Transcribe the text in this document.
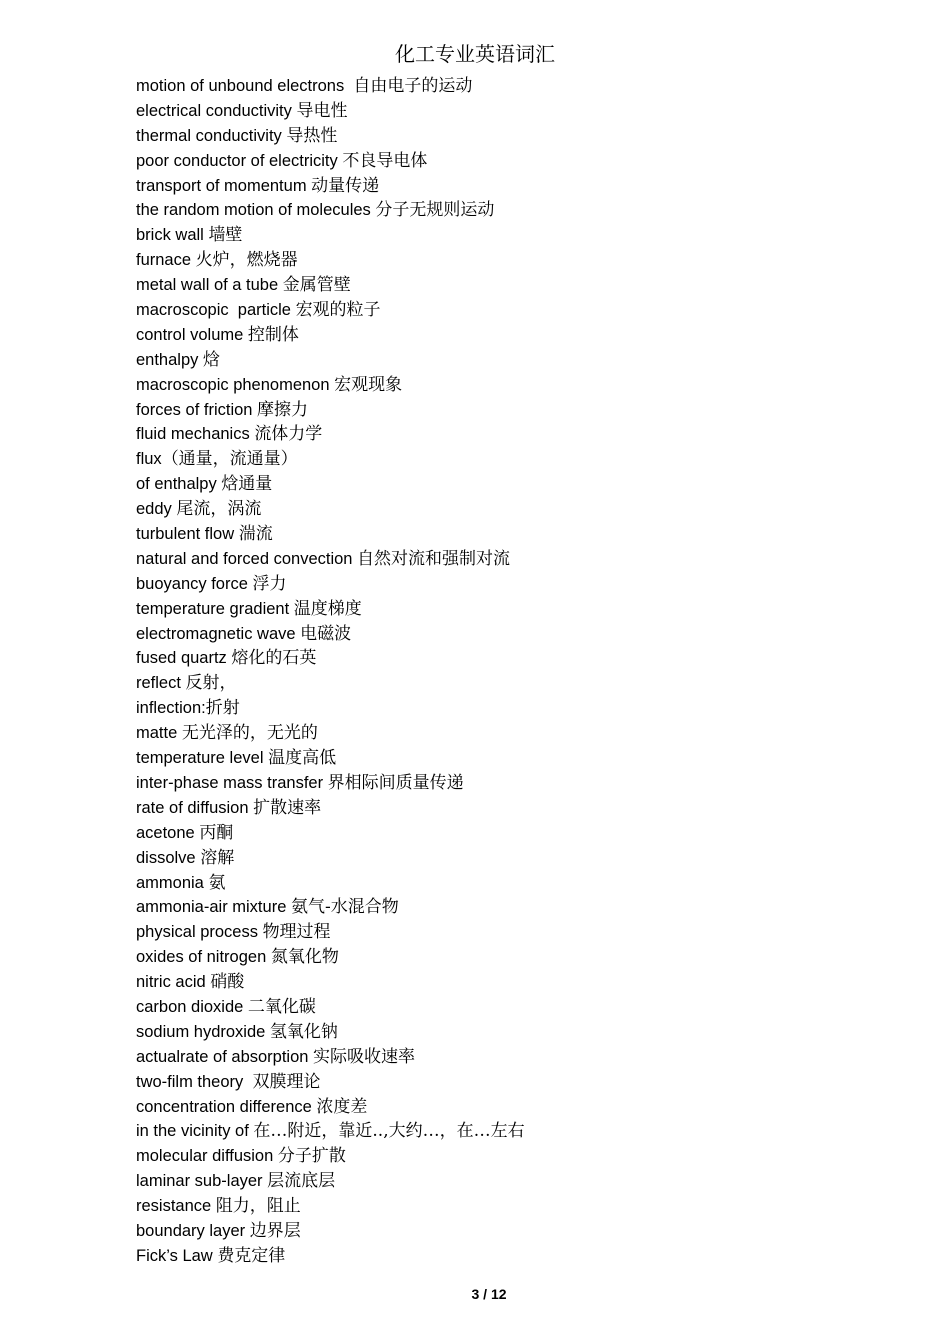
化工专业英语词汇
motion of unbound electrons  自由电子的运动
electrical conductivity 导电性
thermal conductivity 导热性
poor conductor of electricity 不良导电体
transport of momentum 动量传递
the random motion of molecules 分子无规则运动
brick wall 墙壁
furnace 火炉，燃烧器
metal wall of a tube 金属管壁
macroscopic  particle 宏观的粒子
control volume 控制体
enthalpy 焓
macroscopic phenomenon 宏观现象
forces of friction 摩擦力
fluid mechanics 流体力学
flux（通量，流通量）
of enthalpy 焓通量
eddy 尾流，涡流
turbulent flow 湍流
natural and forced convection 自然对流和强制对流
buoyancy force 浮力
temperature gradient 温度梯度
electromagnetic wave 电磁波
fused quartz 熔化的石英
reflect 反射，
inflection:折射
matte 无光泽的，无光的
temperature level 温度高低
inter-phase mass transfer 界相际间质量传递
rate of diffusion 扩散速率
acetone 丙酮
dissolve 溶解
ammonia 氨
ammonia-air mixture 氨气-水混合物
physical process 物理过程
oxides of nitrogen 氮氧化物
nitric acid 硝酸
carbon dioxide 二氧化碳
sodium hydroxide 氢氧化钠
actualrate of absorption 实际吸收速率
two-film theory  双膜理论
concentration difference 浓度差
in the vicinity of 在…附近，靠近..,大约…，在…左右
molecular diffusion 分子扩散
laminar sub-layer 层流底层
resistance 阻力，阻止
boundary layer 边界层
Fick’s Law 费克定律
3 / 12
